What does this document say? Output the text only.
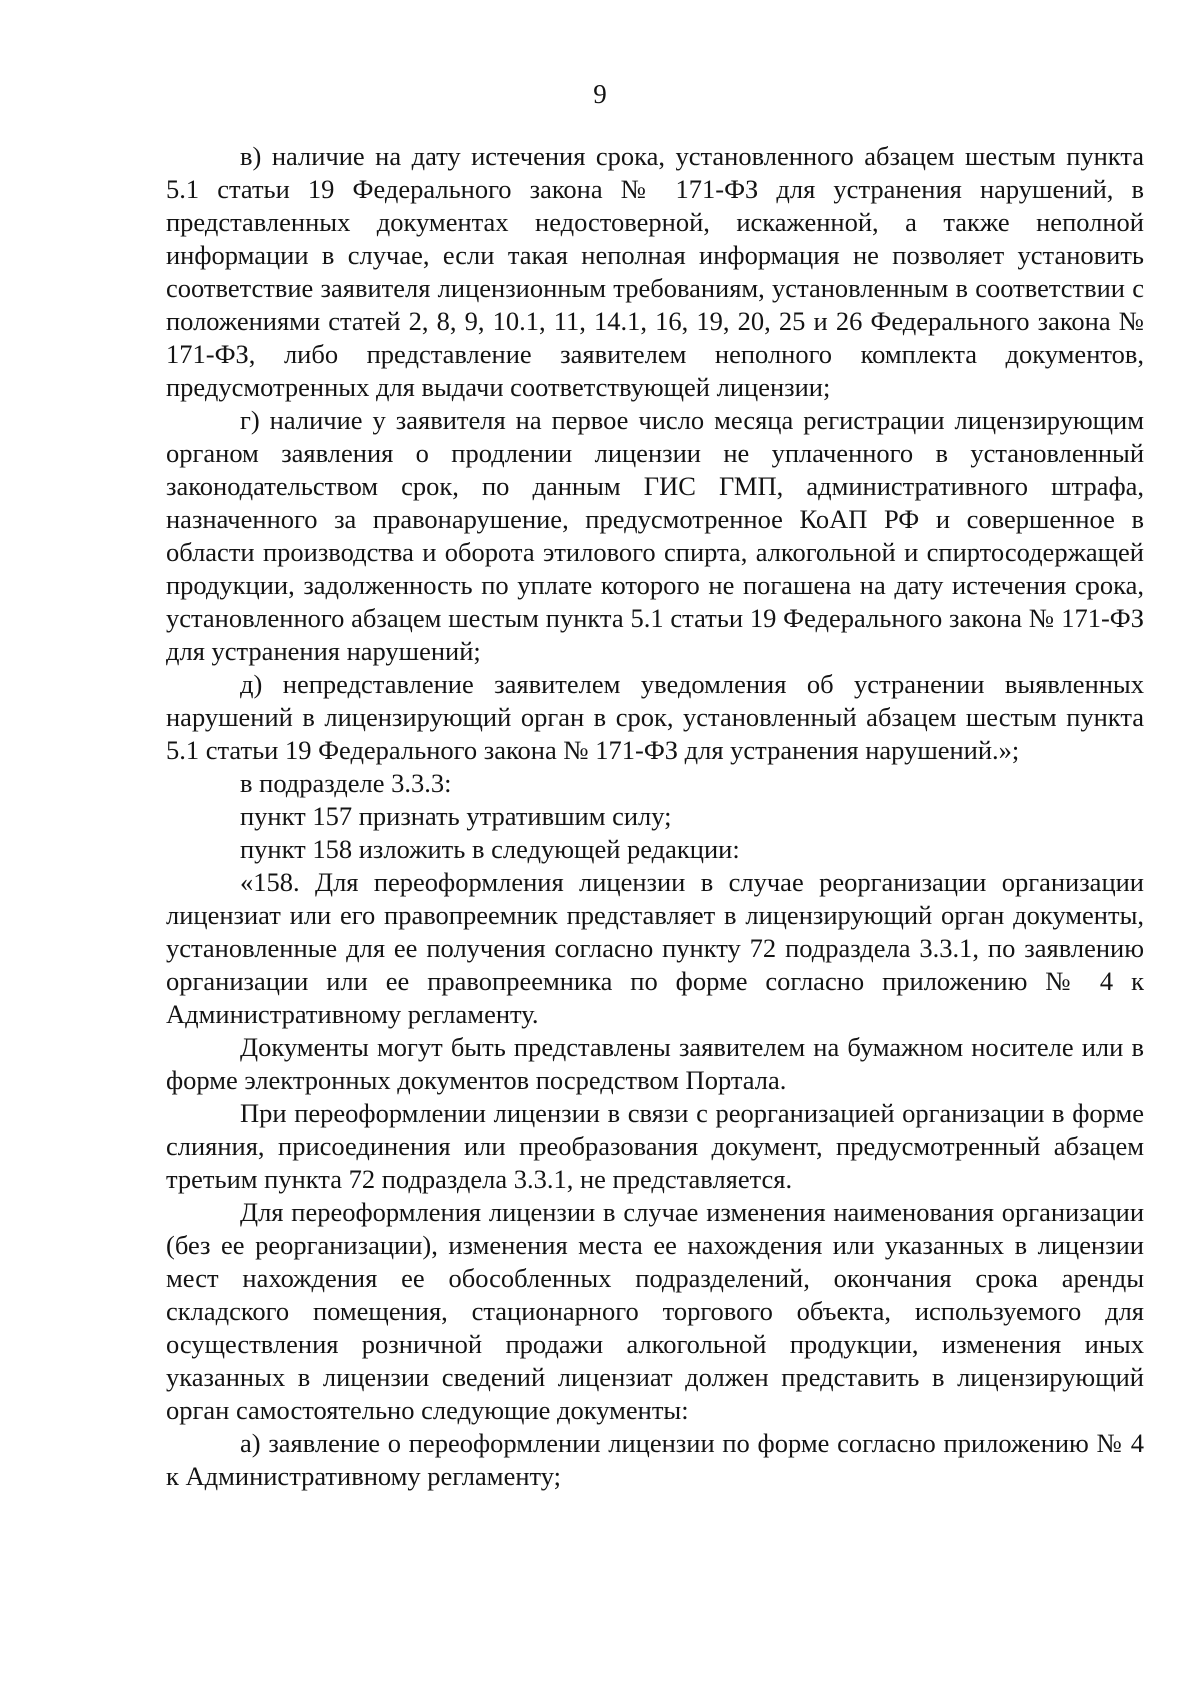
9

в) наличие на дату истечения срока, установленного абзацем шестым пункта 5.1 статьи 19 Федерального закона № 171-ФЗ для устранения нарушений, в представленных документах недостоверной, искаженной, а также неполной информации в случае, если такая неполная информация не позволяет установить соответствие заявителя лицензионным требованиям, установленным в соответствии с положениями статей 2, 8, 9, 10.1, 11, 14.1, 16, 19, 20, 25 и 26 Федерального закона № 171-ФЗ, либо представление заявителем неполного комплекта документов, предусмотренных для выдачи соответствующей лицензии;

г) наличие у заявителя на первое число месяца регистрации лицензирующим органом заявления о продлении лицензии не уплаченного в установленный законодательством срок, по данным ГИС ГМП, административного штрафа, назначенного за правонарушение, предусмотренное КоАП РФ и совершенное в области производства и оборота этилового спирта, алкогольной и спиртосодержащей продукции, задолженность по уплате которого не погашена на дату истечения срока, установленного абзацем шестым пункта 5.1 статьи 19 Федерального закона № 171-ФЗ для устранения нарушений;

д) непредставление заявителем уведомления об устранении выявленных нарушений в лицензирующий орган в срок, установленный абзацем шестым пункта 5.1 статьи 19 Федерального закона № 171-ФЗ для устранения нарушений.»;

в подразделе 3.3.3:

пункт 157 признать утратившим силу;

пункт 158 изложить в следующей редакции:

«158. Для переоформления лицензии в случае реорганизации организации лицензиат или его правопреемник представляет в лицензирующий орган документы, установленные для ее получения согласно пункту 72 подраздела 3.3.1, по заявлению организации или ее правопреемника по форме согласно приложению № 4 к Административному регламенту.

Документы могут быть представлены заявителем на бумажном носителе или в форме электронных документов посредством Портала.

При переоформлении лицензии в связи с реорганизацией организации в форме слияния, присоединения или преобразования документ, предусмотренный абзацем третьим пункта 72 подраздела 3.3.1, не представляется.

Для переоформления лицензии в случае изменения наименования организации (без ее реорганизации), изменения места ее нахождения или указанных в лицензии мест нахождения ее обособленных подразделений, окончания срока аренды складского помещения, стационарного торгового объекта, используемого для осуществления розничной продажи алкогольной продукции, изменения иных указанных в лицензии сведений лицензиат должен представить в лицензирующий орган самостоятельно следующие документы:

а) заявление о переоформлении лицензии по форме согласно приложению № 4 к Административному регламенту;
